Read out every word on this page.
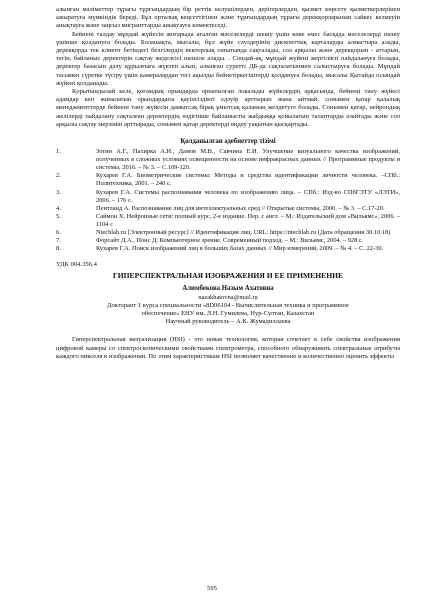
алынған мәліметтер тұрағы тұрғындардың бір реттік келушілерден, дерігерлерден, қызмет көрсету қызметкерлерінен ажыратуға мүмкіндік береді. Бұл орталық кеңсеттігінен және тұрғындардың тұрағы дерекқорларынан сайкес келмеуін анықтауға және заңсыз мигранттарды анықтауға көмектеседі.

Бейнені талдау мұндай жүйесін жоғарыда аталған мәселелерді шешу үшін көке емес басқада мәселелерді шешу үшіншe қолдануға болады. Болашақта, мысалы, бұл жүйе сәулдерінің дисконттық карталарды алмастыра алады, дерекқорда тек клиент бетіндегі белгілердің векторлық сипатында сақталады, сол арқылы және дерекқорын - аттарын, тегін, байланыс деректерін сақтау жеделсісі шешіле алады. . Сондай-ақ, мұндай жүйені жергілікті пайдалануға болады, деректер базасын дәлу құрылғыға жүктеп алып, алынған суретті ДБ-да сақталатынмен салыстыруға болады. Мұндай тасымен сүретке түсіру үшін камералардан тегі ақылды бейнетіркегіштерді қолдануға болады, мысалы Қытайда осындай жүйені қолданады.

Қорытындылай келе, қоғамдық орындарда орнатылған локальды жүйелердің арқасында, бейнені тану жүйесі адамдар кеп жиналатын орындардағы қауіпсіздікті едәуір арттырып жана айтмай, сонымен қатар қалалық менеджменттерде бейнені тану жүйесін дамытсақ бірақ ұмытсақ қаланың желдетуге болады. Сонымен қатар, нейрондық желілерді пайдалану сақталған деректердің өздігінше байланысты жабдыққа қойылатын талаптарды азайтады және сол арқылы сақтау мерзімін арттырады, сонымен қатар деректерді өңдеу уақытын қысқартады.

Қолданылған әдебиеттер тізімі
1.	Зотин А.Г., Пахирка А.И., Дамов М.В., Савчина Е.И. Улучшение визуального качества изображений, полученных в сложных условиях освещенности на основе инфракрасных данных // Программные продукты и системы, 2016. – № 3. – С.109-120.
2.	Кухарев Г.А. Биометрические системы: Методы и средства идентификации личности человека. –СПб.: Политехника, 2001. – 240 с.
3.	Кухарев Г.А. Системы распознавания человека по изображению лица. – СПб.: Изд-во СПбГЭТУ «ЛЭТИ», 2006. – 176 с.
4.	Пентланд А. Распознавание лиц для интеллектуальных сред // Открытые системы, 2000. – № 3. – С.17-20.
5.	Саймон Х. Нейронные сети: полный курс, 2-е издание. Пер. с англ. – М.: Издательский дом «Вильямс», 2006. – 1104 с
6.	Ntechlab.ru [Электронный ресурс] // Идентификация лиц. URL: https://ntechlab.ru (Дата обращения 30.10.18)
7.	Форсайт Д.А., Понс Д. Компьютерное зрение. Современный подход. – М.: Вильямс, 2004. – 928 с.
8.	Кухарев Г.А. Поиск изображений лиц в больших базах данных // Мир измерений, 2009. – № 4. – С. 22-30.
УДК 004.356.4
ГИПЕРСПЕКТРАЛЬНАЯ ИЗОБРАЖЕНИЯ И ЕЕ ПРИМЕНЕНИЕ
Алимбекова Назым Ахатовна
nazakhatovna@mail.ru
Докторант 1 курса специальности «8D06104 - Вычислительная техника и программное
обеспечение» ЕНУ им. Л.Н. Гумилева, Нур-Султан, Казахстан
Научный руководитель – А.К. Жумадиллаева

Гиперспектральная визуализация (HSI) - это новая технология, которая сочетает в себе свойства изображения цифровой камеры со спектроскопическими свойствами спектрометра, способного обнаруживать спектральные атрибуты каждого пикселя в изображении. По этим характеристикам HSI позволяет качественно и количественно оценить эффекты

595
